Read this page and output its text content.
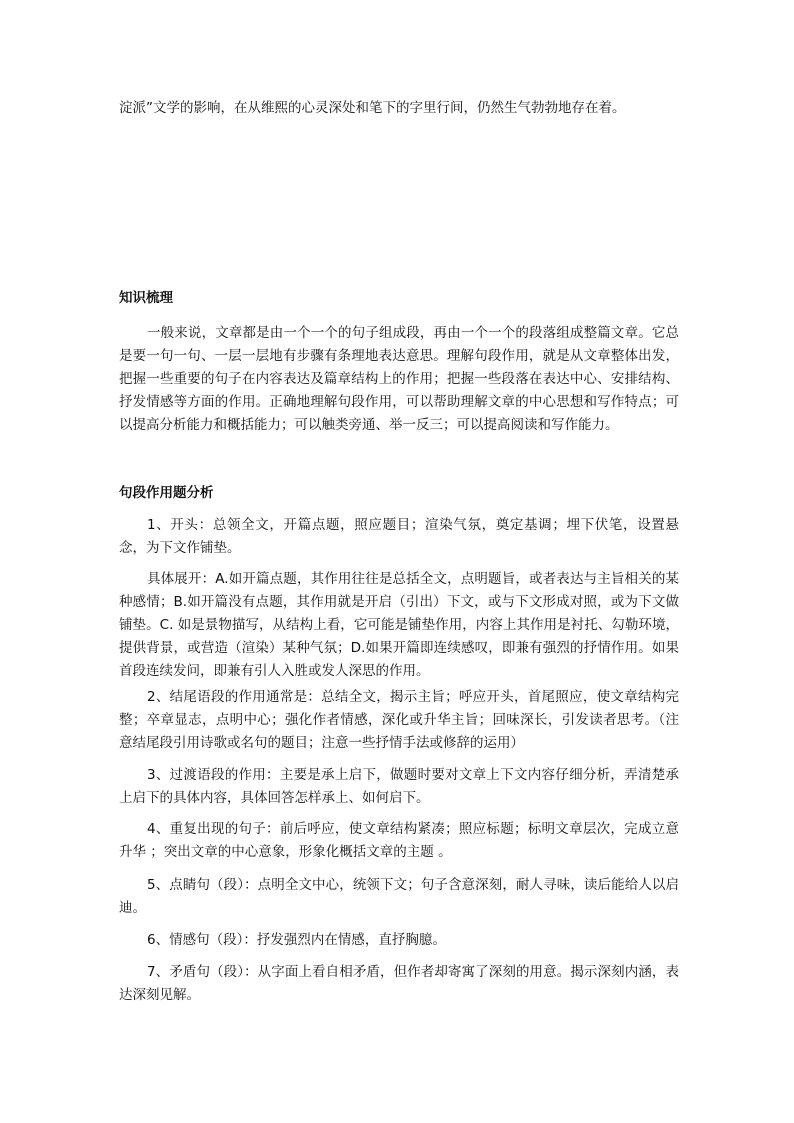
淀派”文学的影响，在从维熙的心灵深处和笔下的字里行间，仍然生气勃勃地存在着。
知识梳理

一般来说，文章都是由一个一个的句子组成段，再由一个一个的段落组成整篇文章。它总是要一句一句、一层一层地有步骤有条理地表达意思。理解句段作用，就是从文章整体出发，把握一些重要的句子在内容表达及篇章结构上的作用；把握一些段落在表达中心、安排结构、抒发情感等方面的作用。正确地理解句段作用，可以帮助理解文章的中心思想和写作特点；可以提高分析能力和概括能力；可以触类旁通、举一反三；可以提高阅读和写作能力。

句段作用题分析

1、开头：总领全文，开篇点题，照应题目；渲染气氛，奠定基调；埋下伏笔，设置悬念，为下文作铺垫。

具体展开：A.如开篇点题，其作用往往是总括全文，点明题旨，或者表达与主旨相关的某种感情；B.如开篇没有点题，其作用就是开启（引出）下文，或与下文形成对照，或为下文做铺垫。C. 如是景物描写，从结构上看，它可能是铺垫作用，内容上其作用是衬托、勾勒环境，提供背景，或营造（渲染）某种气氛；D.如果开篇即连续感叹，即兼有强烈的抒情作用。如果首段连续发问，即兼有引人入胜或发人深思的作用。

2、结尾语段的作用通常是：总结全文，揭示主旨；呼应开头，首尾照应，使文章结构完整；卒章显志，点明中心；强化作者情感，深化或升华主旨；回味深长，引发读者思考。（注意结尾段引用诗歌或名句的题目；注意一些抒情手法或修辞的运用）

3、过渡语段的作用：主要是承上启下，做题时要对文章上下文内容仔细分析，弄清楚承上启下的具体内容，具体回答怎样承上、如何启下。

4、重复出现的句子：前后呼应，使文章结构紧凑；照应标题；标明文章层次，完成立意升华 ；突出文章的中心意象，形象化概括文章的主题 。

5、点睛句（段）：点明全文中心，统领下文；句子含意深刻，耐人寻味，读后能给人以启迪。

6、情感句（段）：抒发强烈内在情感，直抒胸臆。

7、矛盾句（段）：从字面上看自相矛盾，但作者却寄寓了深刻的用意。揭示深刻内涵，表达深刻见解。
